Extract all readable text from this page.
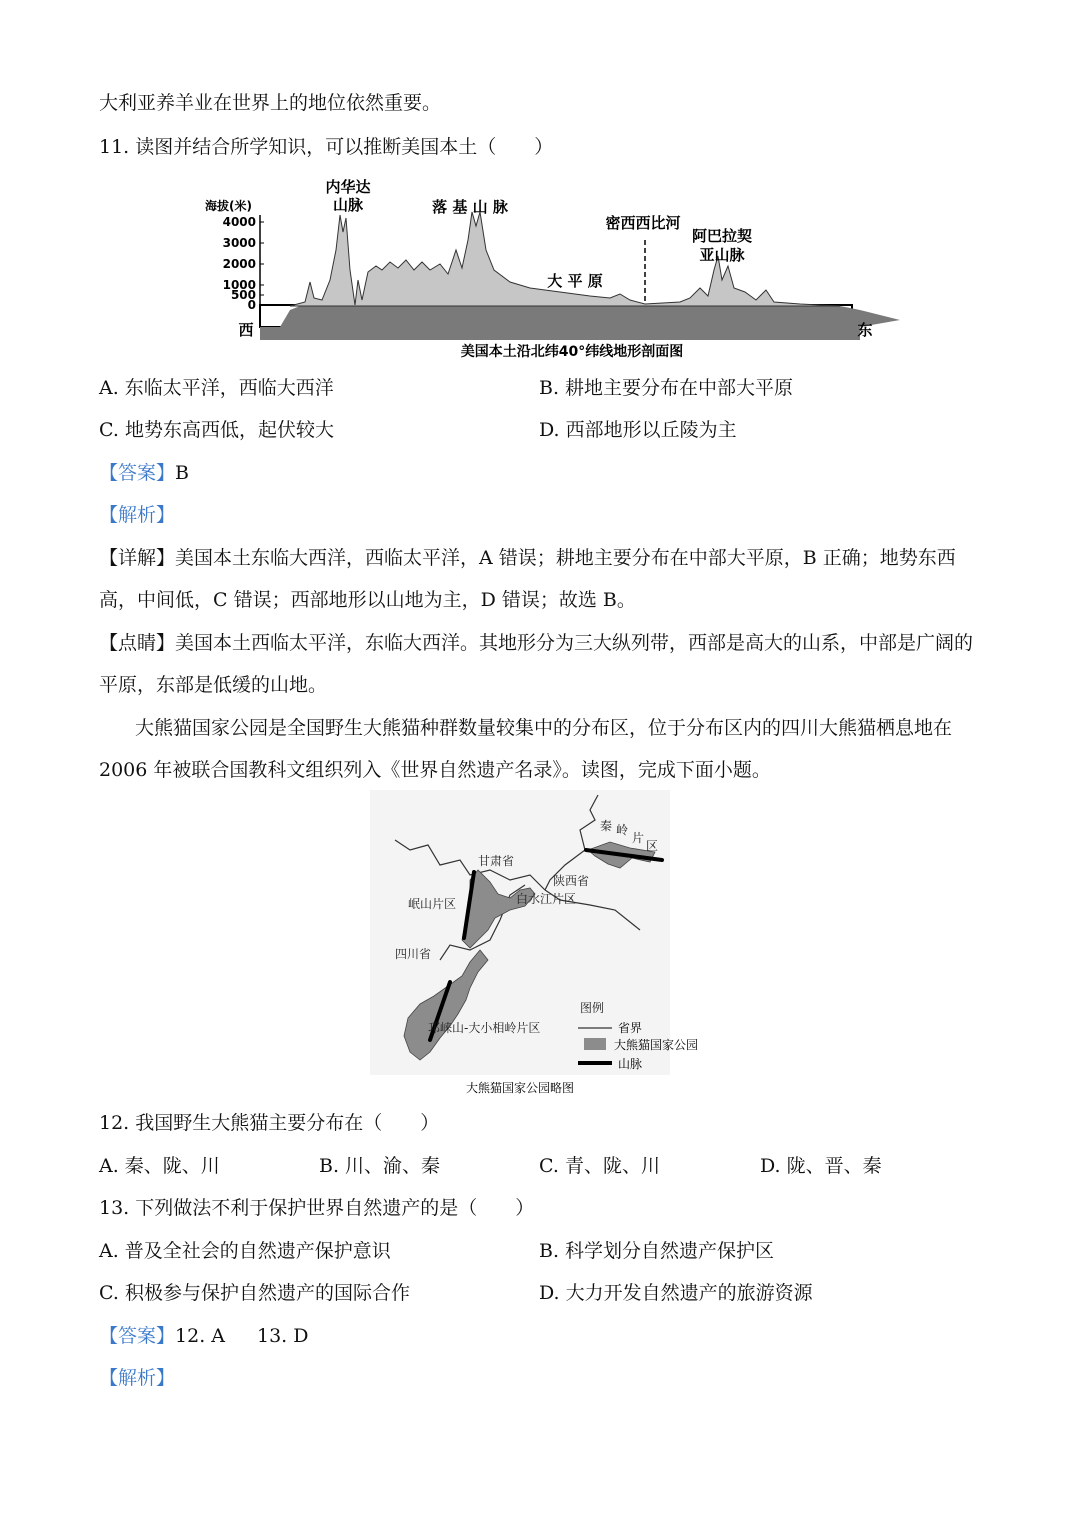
大利亚养羊业在世界上的地位依然重要。
11. 读图并结合所学知识，可以推断美国本土（　　）
海拔(米)
4000
3000
2000
1000
500
0
内华达
山脉	落 基 山 脉
大 平 原
密西西比河
阿巴拉契
亚山脉
西	东
美国本土沿北纬40°纬线地形剖面图
A. 东临太平洋，西临大西洋	B. 耕地主要分布在中部大平原
C. 地势东高西低，起伏较大	D. 西部地形以丘陵为主
【答案】B
【解析】
【详解】美国本土东临大西洋，西临太平洋，A 错误；耕地主要分布在中部大平原，B 正确；地势东西
高，中间低，C 错误；西部地形以山地为主，D 错误；故选 B。
【点睛】美国本土西临太平洋，东临大西洋。其地形分为三大纵列带，西部是高大的山系，中部是广阔的
平原，东部是低缓的山地。
大熊猫国家公园是全国野生大熊猫种群数量较集中的分布区，位于分布区内的四川大熊猫栖息地在
2006 年被联合国教科文组织列入《世界自然遗产名录》。读图，完成下面小题。
秦 岭
片
区
甘肃省
陕西省
白水江片区
岷山片区
四川省
邛崃山-大小相岭片区
图例
省界
大熊猫国家公园
山脉
大熊猫国家公园略图
12. 我国野生大熊猫主要分布在（　　）
A. 秦、陇、川	B. 川、渝、秦	C. 青、陇、川	D. 陇、晋、秦
13. 下列做法不利于保护世界自然遗产的是（　　）
A. 普及全社会的自然遗产保护意识	B. 科学划分自然遗产保护区
C. 积极参与保护自然遗产的国际合作	D. 大力开发自然遗产的旅游资源
【答案】12. A 13. D
【解析】
